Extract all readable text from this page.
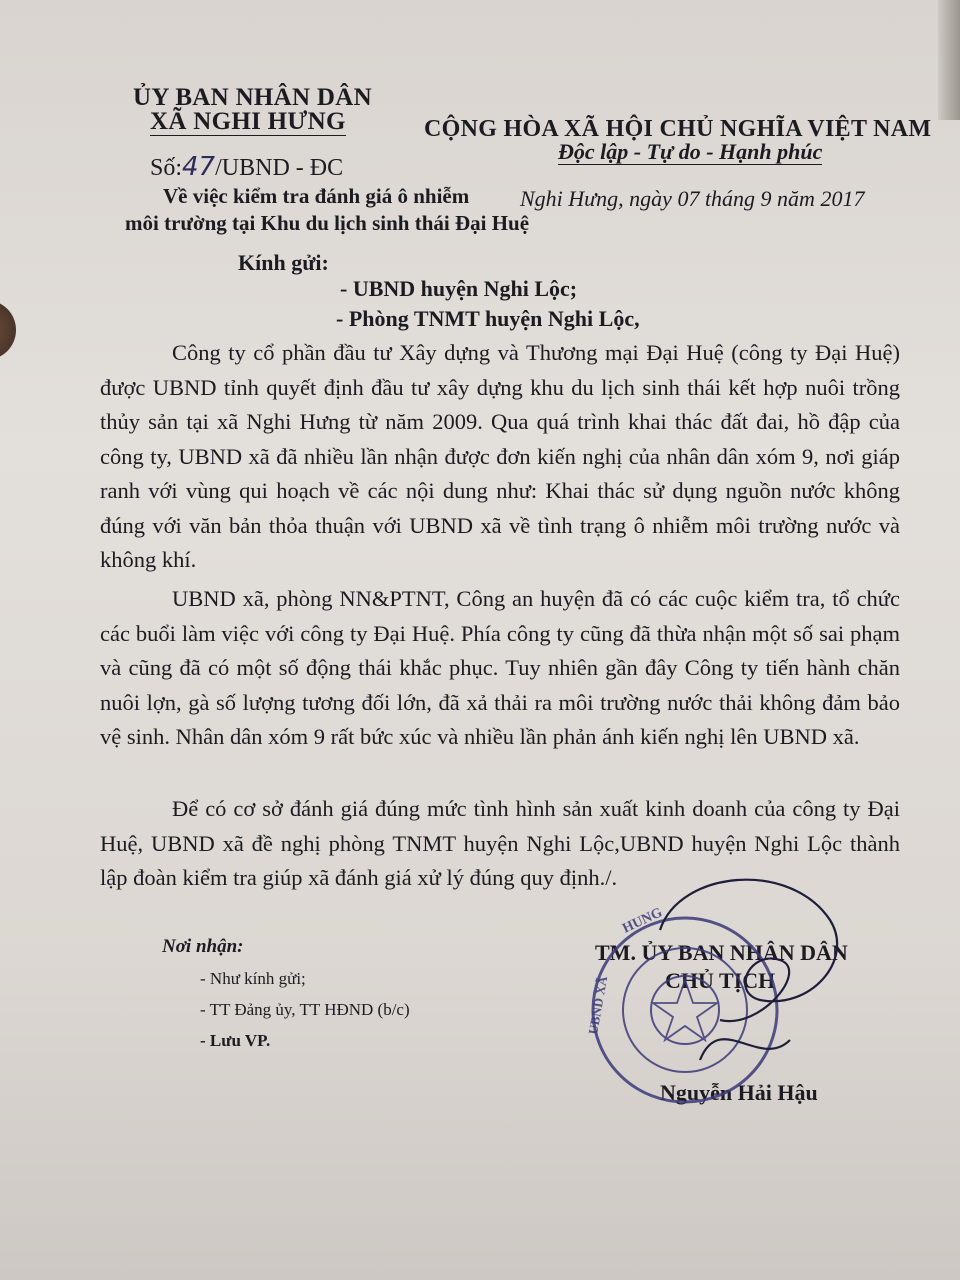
ỦY BAN NHÂN DÂN
XÃ NGHI HƯNG
Số:47/UBND - ĐC
Về việc kiểm tra đánh giá ô nhiễm
môi trường tại Khu du lịch sinh thái Đại Huệ
CỘNG HÒA XÃ HỘI CHỦ NGHĨA VIỆT NAM
Độc lập - Tự do - Hạnh phúc
Nghi Hưng, ngày 07 tháng 9 năm 2017
Kính gửi:
- UBND huyện Nghi Lộc;
- Phòng TNMT huyện Nghi Lộc,

Công ty cổ phần đầu tư Xây dựng và Thương mại Đại Huệ (công ty Đại Huệ) được UBND tỉnh quyết định đầu tư xây dựng khu du lịch sinh thái kết hợp nuôi trồng thủy sản tại xã Nghi Hưng từ năm 2009. Qua quá trình khai thác đất đai, hồ đập của công ty, UBND xã đã nhiều lần nhận được đơn kiến nghị của nhân dân xóm 9, nơi giáp ranh với vùng qui hoạch về các nội dung như: Khai thác sử dụng nguồn nước không đúng với văn bản thỏa thuận với UBND xã về tình trạng ô nhiễm môi trường nước và không khí.

UBND xã, phòng NN&PTNT, Công an huyện đã có các cuộc kiểm tra, tổ chức các buổi làm việc với công ty Đại Huệ. Phía công ty cũng đã thừa nhận một số sai phạm và cũng đã có một số động thái khắc phục. Tuy nhiên gần đây Công ty tiến hành chăn nuôi lợn, gà số lượng tương đối lớn, đã xả thải ra môi trường nước thải không đảm bảo vệ sinh. Nhân dân xóm 9 rất bức xúc và nhiều lần phản ánh kiến nghị lên UBND xã.

Để có cơ sở đánh giá đúng mức tình hình sản xuất kinh doanh của công ty Đại Huệ, UBND xã đề nghị phòng TNMT huyện Nghi Lộc,UBND huyện Nghi Lộc thành lập đoàn kiểm tra giúp xã đánh giá xử lý đúng quy định./.

Nơi nhận:
- Như kính gửi;
- TT Đảng ủy, TT HĐND (b/c)
- Lưu VP.
TM. ỦY BAN NHÂN DÂN
CHỦ TỊCH
Nguyễn Hải Hậu
HUNG
UBND XÃ
